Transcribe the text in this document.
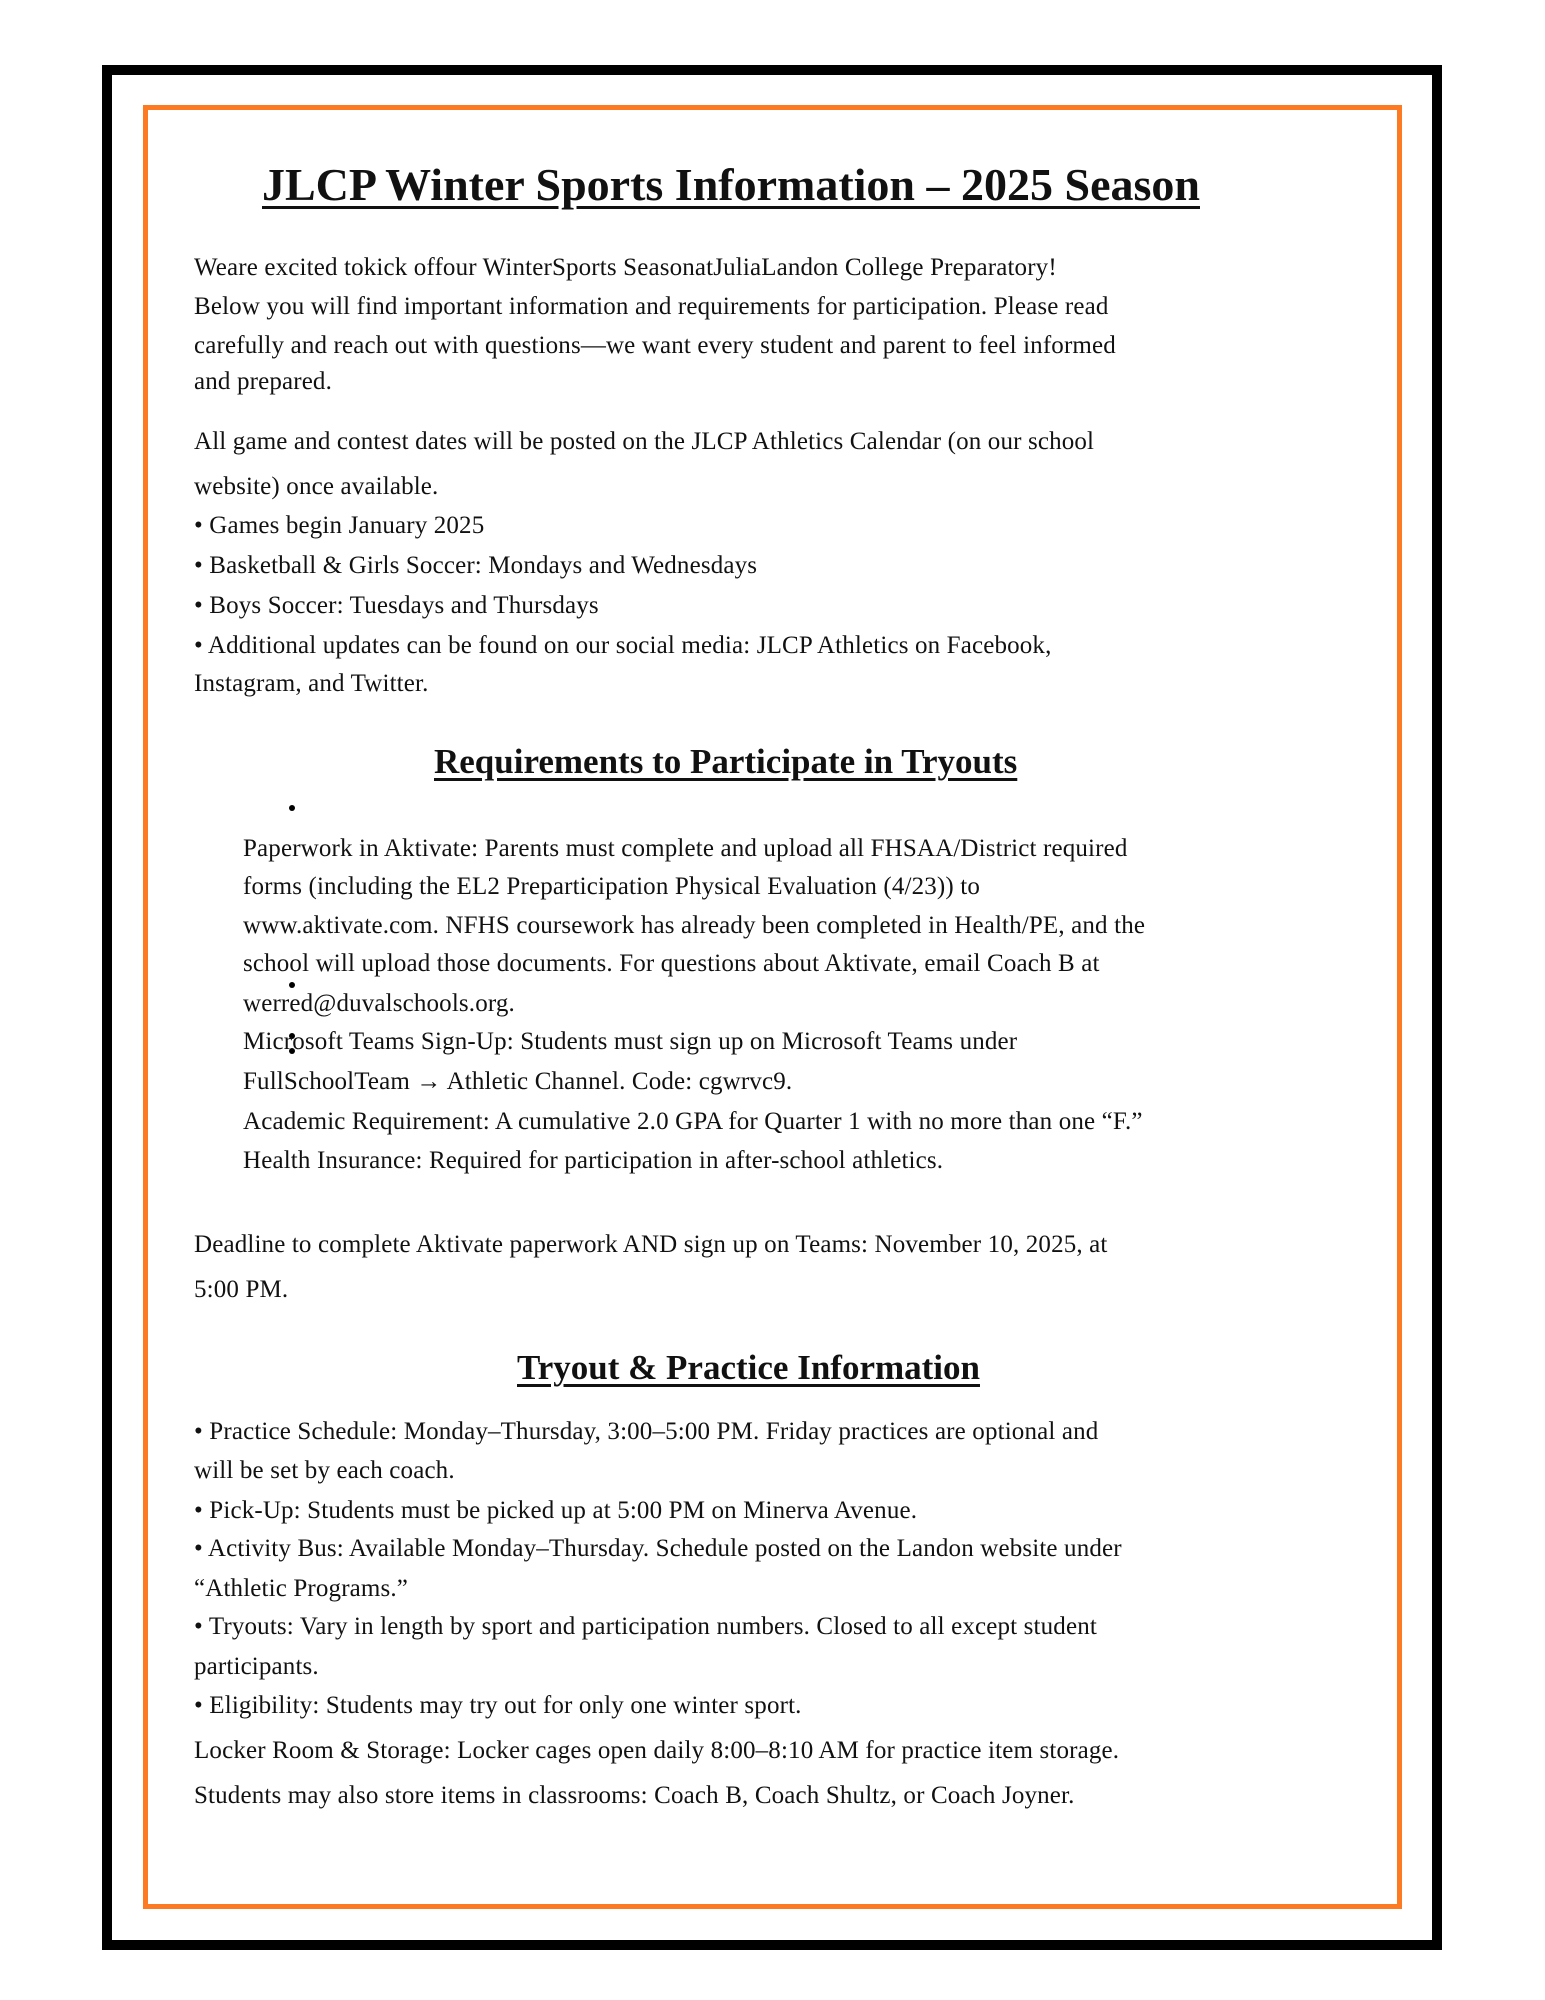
JLCP Winter Sports Information – 2025 Season
Weare excited tokick offour WinterSports SeasonatJuliaLandon College Preparatory!
Below you will find important information and requirements for participation. Please read
carefully and reach out with questions—we want every student and parent to feel informed
and prepared.
All game and contest dates will be posted on the JLCP Athletics Calendar (on our school
website) once available.
• Games begin January 2025
• Basketball & Girls Soccer: Mondays and Wednesdays
• Boys Soccer: Tuesdays and Thursdays
• Additional updates can be found on our social media: JLCP Athletics on Facebook,
Instagram, and Twitter.
Requirements to Participate in Tryouts
Paperwork in Aktivate: Parents must complete and upload all FHSAA/District required
forms (including the EL2 Preparticipation Physical Evaluation (4/23)) to
www.aktivate.com. NFHS coursework has already been completed in Health/PE, and the
school will upload those documents. For questions about Aktivate, email Coach B at
werred@duvalschools.org.
Microsoft Teams Sign-Up: Students must sign up on Microsoft Teams under
FullSchoolTeam → Athletic Channel. Code: cgwrvc9.
Academic Requirement: A cumulative 2.0 GPA for Quarter 1 with no more than one “F.”
Health Insurance: Required for participation in after-school athletics.
Deadline to complete Aktivate paperwork AND sign up on Teams: November 10, 2025, at
5:00 PM.
Tryout & Practice Information
• Practice Schedule: Monday–Thursday, 3:00–5:00 PM. Friday practices are optional and
will be set by each coach.
• Pick-Up: Students must be picked up at 5:00 PM on Minerva Avenue.
• Activity Bus: Available Monday–Thursday. Schedule posted on the Landon website under
“Athletic Programs.”
• Tryouts: Vary in length by sport and participation numbers. Closed to all except student
participants.
• Eligibility: Students may try out for only one winter sport.
Locker Room & Storage: Locker cages open daily 8:00–8:10 AM for practice item storage.
Students may also store items in classrooms: Coach B, Coach Shultz, or Coach Joyner.
